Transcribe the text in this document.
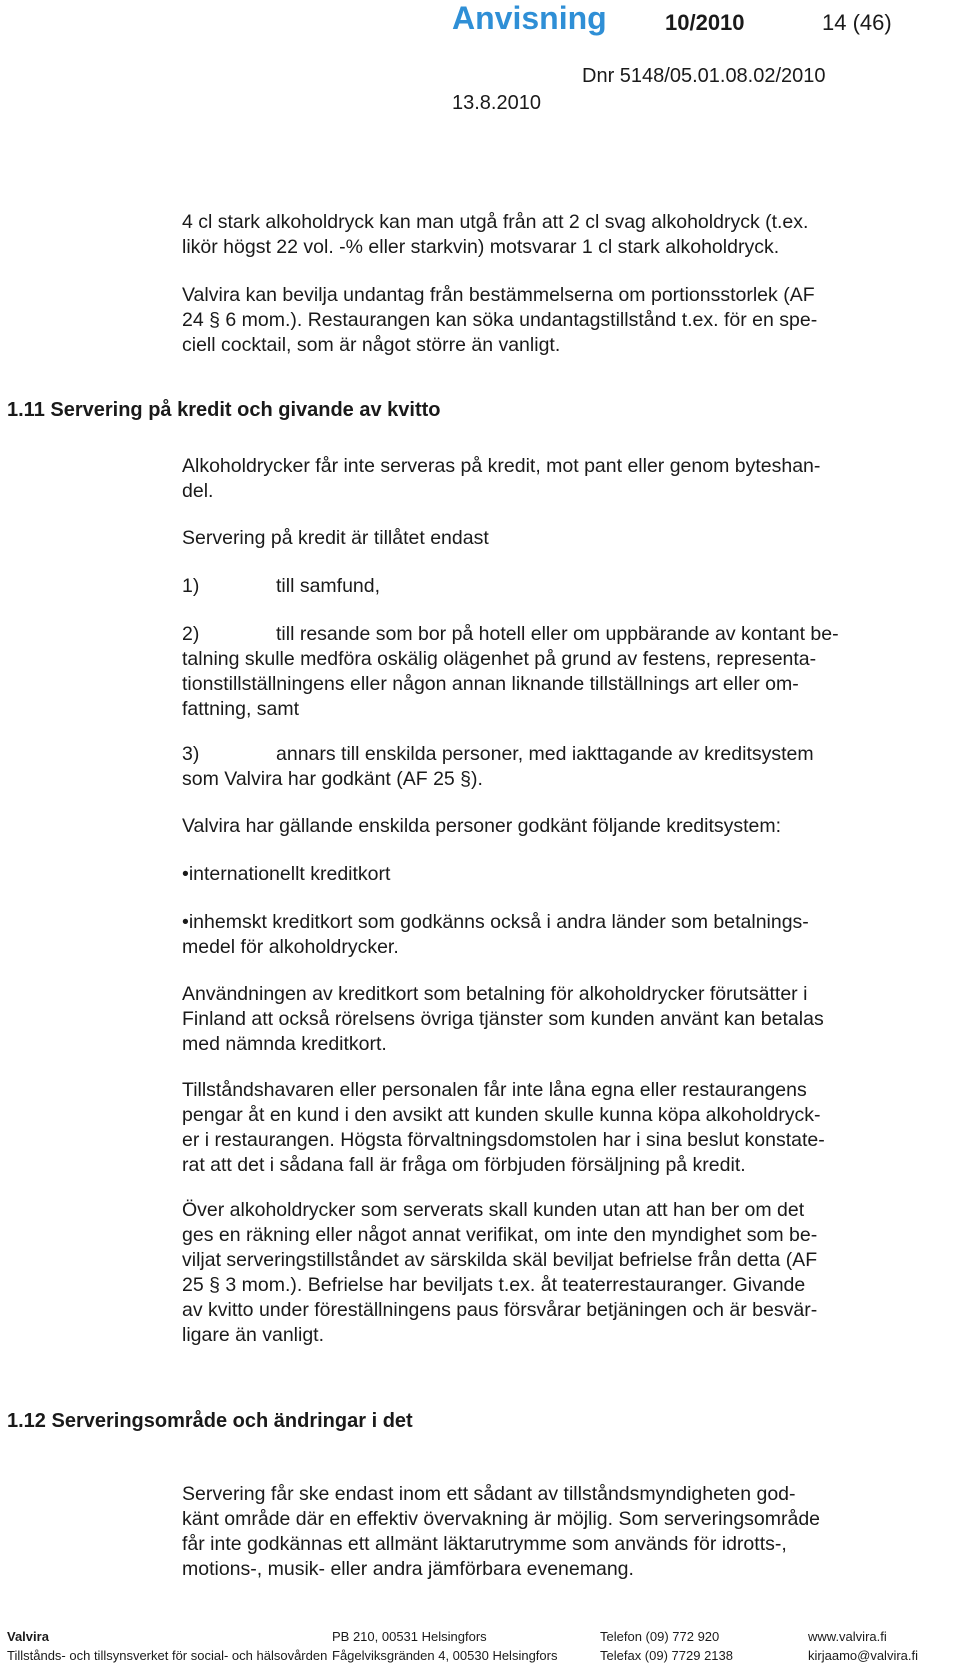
Anvisning	10/2010	14 (46)
Dnr 5148/05.01.08.02/2010
13.8.2010
4 cl stark alkoholdryck kan man utgå från att 2 cl svag alkoholdryck (t.ex.
likör högst 22 vol. -% eller starkvin) motsvarar 1 cl stark alkoholdryck.
Valvira kan bevilja undantag från bestämmelserna om portionsstorlek (AF
24 § 6 mom.). Restaurangen kan söka undantagstillstånd t.ex. för en spe-
ciell cocktail, som är något större än vanligt.
1.11 Servering på kredit och givande av kvitto
Alkoholdrycker får inte serveras på kredit, mot pant eller genom byteshan-
del.
Servering på kredit är tillåtet endast
1)	till samfund,
2)	till resande som bor på hotell eller om uppbärande av kontant be-
talning skulle medföra oskälig olägenhet på grund av festens, representa-
tionstillställningens eller någon annan liknande tillställnings art eller om-
fattning, samt
3)	annars till enskilda personer, med iakttagande av kreditsystem
som Valvira har godkänt (AF 25 §).
Valvira har gällande enskilda personer godkänt följande kreditsystem:
•internationellt kreditkort
•inhemskt kreditkort som godkänns också i andra länder som betalnings-
medel för alkoholdrycker.
Användningen av kreditkort som betalning för alkoholdrycker förutsätter i
Finland att också rörelsens övriga tjänster som kunden använt kan betalas
med nämnda kreditkort.
Tillståndshavaren eller personalen får inte låna egna eller restaurangens
pengar åt en kund i den avsikt att kunden skulle kunna köpa alkoholdryck-
er i restaurangen. Högsta förvaltningsdomstolen har i sina beslut konstate-
rat att det i sådana fall är fråga om förbjuden försäljning på kredit.
Över alkoholdrycker som serverats skall kunden utan att han ber om det
ges en räkning eller något annat verifikat, om inte den myndighet som be-
viljat serveringstillståndet av särskilda skäl beviljat befrielse från detta (AF
25 § 3 mom.). Befrielse har beviljats t.ex. åt teaterrestauranger. Givande
av kvitto under föreställningens paus försvårar betjäningen och är besvär-
ligare än vanligt.
1.12 Serveringsområde och ändringar i det
Servering får ske endast inom ett sådant av tillståndsmyndigheten god-
känt område där en effektiv övervakning är möjlig. Som serveringsområde
får inte godkännas ett allmänt läktarutrymme som används för idrotts-,
motions-, musik- eller andra jämförbara evenemang.
Valvira
Tillstånds- och tillsynsverket för social- och hälsovården
PB 210, 00531 Helsingfors
Fågelviksgränden 4, 00530 Helsingfors
Telefon (09) 772 920
Telefax (09) 7729 2138
www.valvira.fi
kirjaamo@valvira.fi
